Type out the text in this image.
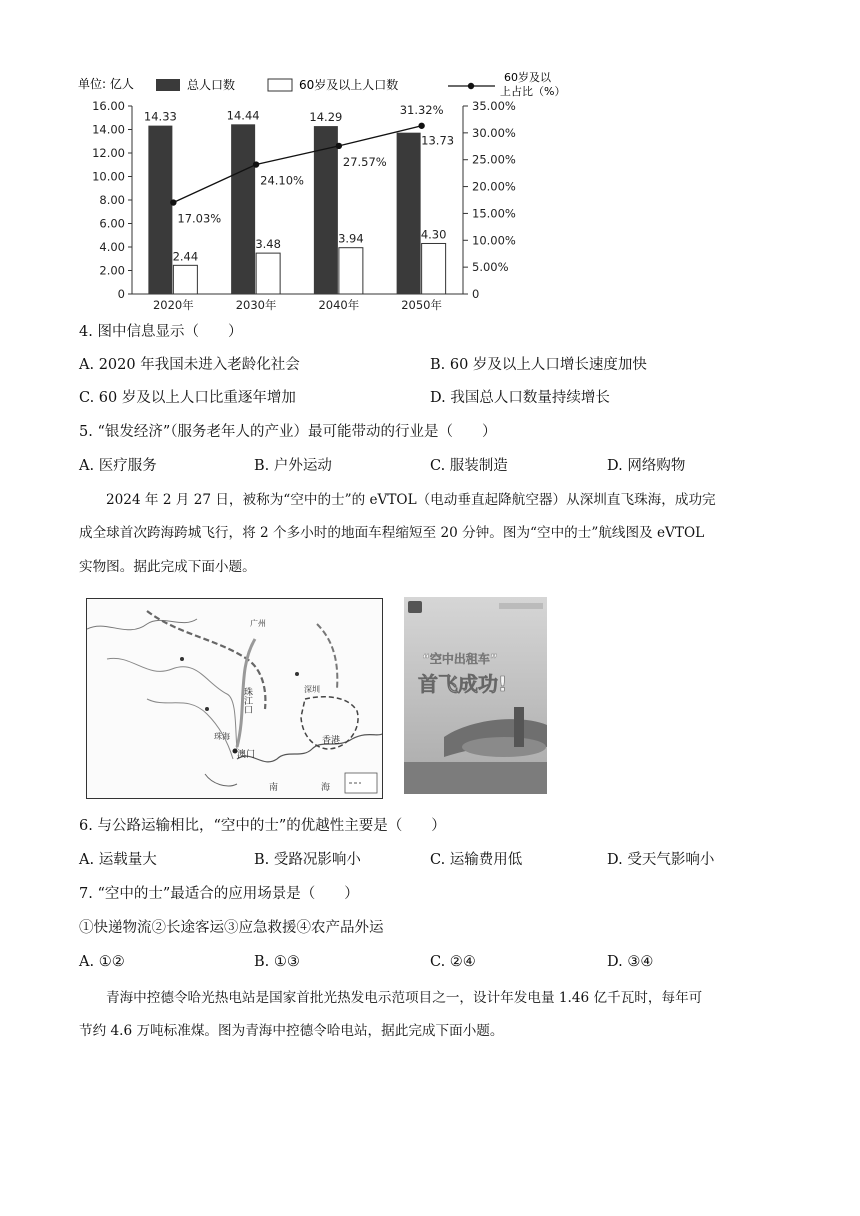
单位: 亿人	总人口数	60岁及以上人口数
60岁及以
上占比（%）
0
2.00
4.00
6.00
8.00
10.00
12.00
14.00
16.00
0
5.00%
10.00%
15.00%
20.00%
25.00%
30.00%
35.00%
2020年
14.33
2.44
2030年
14.44
3.48
2040年
14.29
3.94
2050年
13.73
4.30
17.03%
24.10%
27.57%
31.32%
4. 图中信息显示（　　）
A. 2020 年我国未进入老龄化社会	B. 60 岁及以上人口增长速度加快
C. 60 岁及以上人口比重逐年增加	D. 我国总人口数量持续增长
5. “银发经济”（服务老年人的产业）最可能带动的行业是（　　）
A. 医疗服务	B. 户外运动	C. 服装制造	D. 网络购物
2024 年 2 月 27 日，被称为“空中的士”的 eVTOL（电动垂直起降航空器）从深圳直飞珠海，成功完
成全球首次跨海跨城飞行，将 2 个多小时的地面车程缩短至 20 分钟。图为“空中的士”航线图及 eVTOL
实物图。据此完成下面小题。
广州
珠江口	深圳
珠海
澳门
香港
南	海
“空中出租车”
首飞成功!
6. 与公路运输相比，“空中的士”的优越性主要是（　　）
A. 运载量大	B. 受路况影响小	C. 运输费用低	D. 受天气影响小
7. “空中的士”最适合的应用场景是（　　）
①快递物流②长途客运③应急救援④农产品外运
A. ①②	B. ①③	C. ②④	D. ③④
青海中控德令哈光热电站是国家首批光热发电示范项目之一，设计年发电量 1.46 亿千瓦时，每年可
节约 4.6 万吨标准煤。图为青海中控德令哈电站，据此完成下面小题。
